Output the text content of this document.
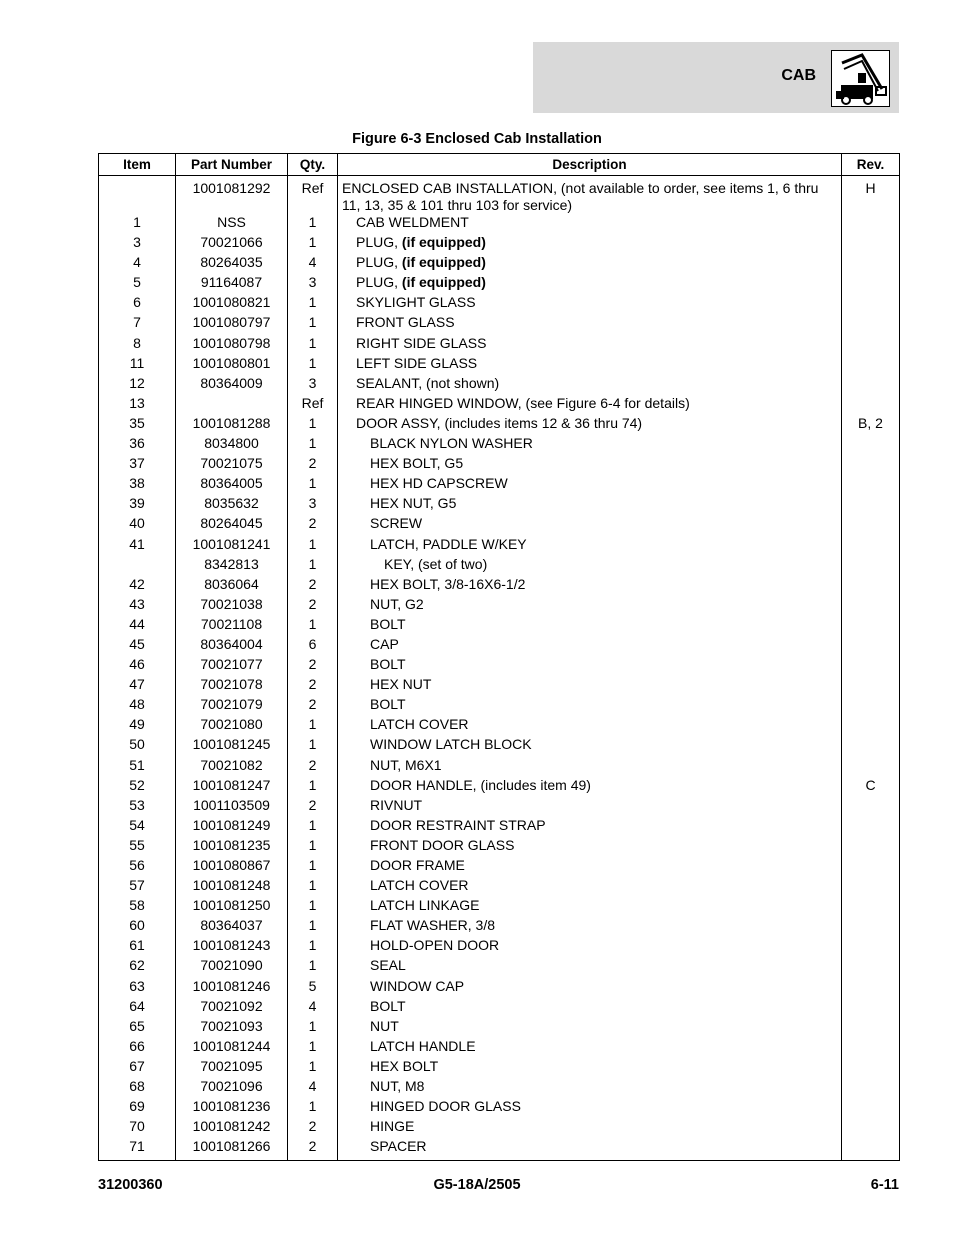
CAB
Figure 6-3 Enclosed Cab Installation
Item	Part Number	Qty.	Description	Rev.
	1001081292	Ref	ENCLOSED CAB INSTALLATION, (not available to order, see items 1, 6 thru 11, 13, 35 & 101 thru 103 for service)	H
1	NSS	1	CAB WELDMENT	

3	70021066	1	PLUG, (if equipped)	

4	80264035	4	PLUG, (if equipped)	

5	91164087	3	PLUG, (if equipped)	

6	1001080821	1	SKYLIGHT GLASS	

7	1001080797	1	FRONT GLASS	

8	1001080798	1	RIGHT SIDE GLASS	

11	1001080801	1	LEFT SIDE GLASS	

12	80364009	3	SEALANT, (not shown)	

13		Ref	REAR HINGED WINDOW, (see Figure 6-4 for details)	

35	1001081288	1	DOOR ASSY, (includes items 12 & 36 thru 74)	B, 2
36	8034800	1	BLACK NYLON WASHER	

37	70021075	2	HEX BOLT, G5	

38	80364005	1	HEX HD CAPSCREW	

39	8035632	3	HEX NUT, G5	

40	80264045	2	SCREW	

41	1001081241	1	LATCH, PADDLE W/KEY	

	8342813	1	KEY, (set of two)	

42	8036064	2	HEX BOLT, 3/8-16X6-1/2	

43	70021038	2	NUT, G2	

44	70021108	1	BOLT	

45	80364004	6	CAP	

46	70021077	2	BOLT	

47	70021078	2	HEX NUT	

48	70021079	2	BOLT	

49	70021080	1	LATCH COVER	

50	1001081245	1	WINDOW LATCH BLOCK	

51	70021082	2	NUT, M6X1	

52	1001081247	1	DOOR HANDLE, (includes item 49)	C
53	1001103509	2	RIVNUT	

54	1001081249	1	DOOR RESTRAINT STRAP	

55	1001081235	1	FRONT DOOR GLASS	

56	1001080867	1	DOOR FRAME	

57	1001081248	1	LATCH COVER	

58	1001081250	1	LATCH LINKAGE	

60	80364037	1	FLAT WASHER, 3/8	

61	1001081243	1	HOLD-OPEN DOOR	

62	70021090	1	SEAL	

63	1001081246	5	WINDOW CAP	

64	70021092	4	BOLT	

65	70021093	1	NUT	

66	1001081244	1	LATCH HANDLE	

67	70021095	1	HEX BOLT	

68	70021096	4	NUT, M8	

69	1001081236	1	HINGED DOOR GLASS	

70	1001081242	2	HINGE	

71	1001081266	2	SPACER	

31200360	G5-18A/2505	6-11
